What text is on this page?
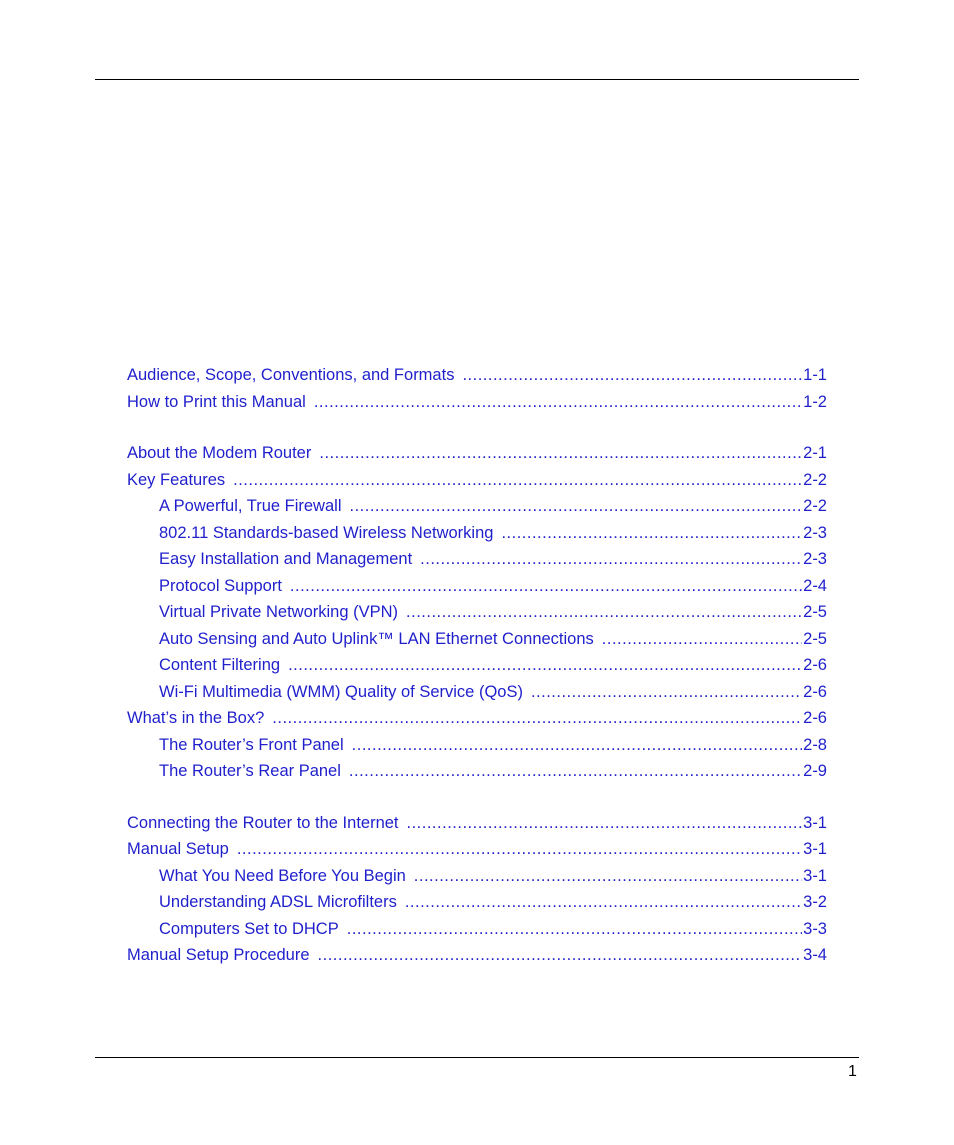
Audience, Scope, Conventions, and Formats .....	1-1
How to Print this Manual .....	1-2
About the Modem Router .....	2-1
Key Features .....	2-2
A Powerful, True Firewall .....	2-2
802.11 Standards-based Wireless Networking .....	2-3
Easy Installation and Management .....	2-3
Protocol Support .....	2-4
Virtual Private Networking (VPN) .....	2-5
Auto Sensing and Auto Uplink™ LAN Ethernet Connections .....	2-5
Content Filtering .....	2-6
Wi-Fi Multimedia (WMM) Quality of Service (QoS) .....	2-6
What’s in the Box? .....	2-6
The Router’s Front Panel .....	2-8
The Router’s Rear Panel .....	2-9
Connecting the Router to the Internet .....	3-1
Manual Setup .....	3-1
What You Need Before You Begin .....	3-1
Understanding ADSL Microfilters .....	3-2
Computers Set to DHCP .....	3-3
Manual Setup Procedure .....	3-4
1
